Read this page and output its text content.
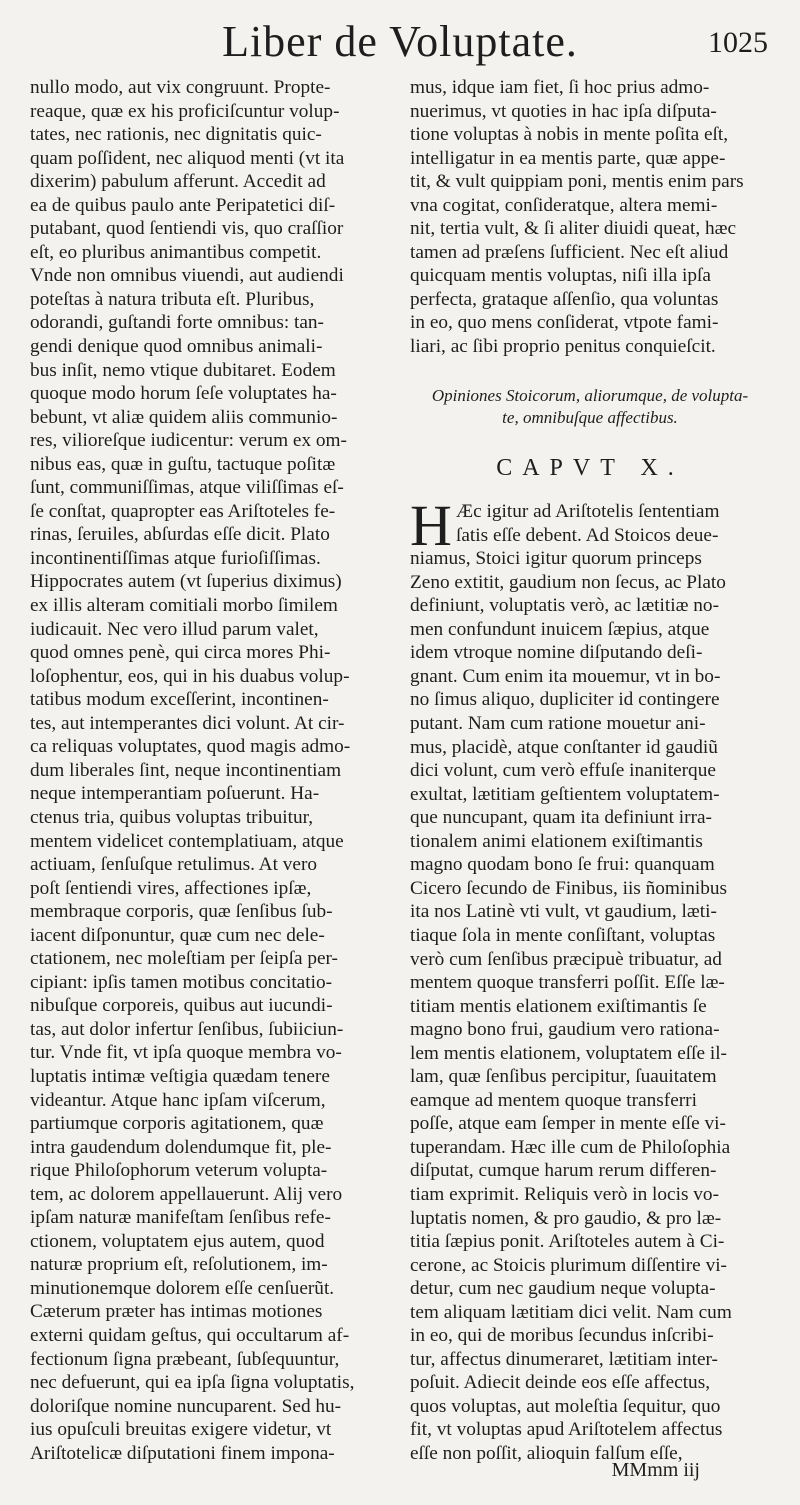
Liber de Voluptate.	1025
nullo modo, aut vix congruunt. Propte-
reaque, quæ ex his proficiſcuntur volup-
tates, nec rationis, nec dignitatis quic-
quam poſſident, nec aliquod menti (vt ita
dixerim) pabulum afferunt. Accedit ad
ea de quibus paulo ante Peripatetici diſ-
putabant, quod ſentiendi vis, quo craſſior
eſt, eo pluribus animantibus competit.
Vnde non omnibus viuendi, aut audiendi
poteſtas à natura tributa eſt. Pluribus,
odorandi, guſtandi forte omnibus: tan-
gendi denique quod omnibus animali-
bus inſit, nemo vtique dubitaret. Eodem
quoque modo horum ſeſe voluptates ha-
bebunt, vt aliæ quidem aliis communio-
res, vilioreſque iudicentur: verum ex om-
nibus eas, quæ in guſtu, tactuque poſitæ
ſunt, communiſſimas, atque viliſſimas eſ-
ſe conſtat, quapropter eas Ariſtoteles fe-
rinas, ſeruiles, abſurdas eſſe dicit. Plato
incontinentiſſimas atque furioſiſſimas.
Hippocrates autem (vt ſuperius diximus)
ex illis alteram comitiali morbo ſimilem
iudicauit. Nec vero illud parum valet,
quod omnes penè, qui circa mores Phi-
loſophentur, eos, qui in his duabus volup-
tatibus modum exceſſerint, incontinen-
tes, aut intemperantes dici volunt. At cir-
ca reliquas voluptates, quod magis admo-
dum liberales ſint, neque incontinentiam
neque intemperantiam poſuerunt. Ha-
ctenus tria, quibus voluptas tribuitur,
mentem videlicet contemplatiuam, atque
actiuam, ſenſuſque retulimus. At vero
poſt ſentiendi vires, affectiones ipſæ,
membraque corporis, quæ ſenſibus ſub-
iacent diſponuntur, quæ cum nec dele-
ctationem, nec moleſtiam per ſeipſa per-
cipiant: ipſis tamen motibus concitatio-
nibuſque corporeis, quibus aut iucundi-
tas, aut dolor infertur ſenſibus, ſubiiciun-
tur. Vnde fit, vt ipſa quoque membra vo-
luptatis intimæ veſtigia quædam tenere
videantur. Atque hanc ipſam viſcerum,
partiumque corporis agitationem, quæ
intra gaudendum dolendumque fit, ple-
rique Philoſophorum veterum volupta-
tem, ac dolorem appellauerunt. Alij vero
ipſam naturæ manifeſtam ſenſibus refe-
ctionem, voluptatem ejus autem, quod
naturæ proprium eſt, reſolutionem, im-
minutionemque dolorem eſſe cenſuerũt.
Cæterum præter has intimas motiones
externi quidam geſtus, qui occultarum af-
fectionum ſigna præbeant, ſubſequuntur,
nec defuerunt, qui ea ipſa ſigna voluptatis,
doloriſque nomine nuncuparent. Sed hu-
ius opuſculi breuitas exigere videtur, vt
Ariſtotelicæ diſputationi finem impona-
mus, idque iam fiet, ſi hoc prius admo-
nuerimus, vt quoties in hac ipſa diſputa-
tione voluptas à nobis in mente poſita eſt,
intelligatur in ea mentis parte, quæ appe-
tit, & vult quippiam poni, mentis enim pars
vna cogitat, conſideratque, altera memi-
nit, tertia vult, & ſi aliter diuidi queat, hæc
tamen ad præſens ſufficient. Nec eſt aliud
quicquam mentis voluptas, niſi illa ipſa
perfecta, grataque aſſenſio, qua voluntas
in eo, quo mens conſiderat, vtpote fami-
liari, ac ſibi proprio penitus conquieſcit.
Opiniones Stoicorum, aliorumque, de volupta-
te, omnibuſque affectibus.
CAPVT X.
H Æc igitur ad Ariſtotelis ſententiam
ſatis eſſe debent. Ad Stoicos deue-
niamus, Stoici igitur quorum princeps
Zeno extitit, gaudium non ſecus, ac Plato
definiunt, voluptatis verò, ac lætitiæ no-
men confundunt inuicem ſæpius, atque
idem vtroque nomine diſputando deſi-
gnant. Cum enim ita mouemur, vt in bo-
no ſimus aliquo, dupliciter id contingere
putant. Nam cum ratione mouetur ani-
mus, placidè, atque conſtanter id gaudiũ
dici volunt, cum verò effuſe inaniterque
exultat, lætitiam geſtientem voluptatem-
que nuncupant, quam ita definiunt irra-
tionalem animi elationem exiſtimantis
magno quodam bono ſe frui: quanquam
Cicero ſecundo de Finibus, iis ñominibus
ita nos Latinè vti vult, vt gaudium, læti-
tiaque ſola in mente conſiſtant, voluptas
verò cum ſenſibus præcipuè tribuatur, ad
mentem quoque transferri poſſit. Eſſe læ-
titiam mentis elationem exiſtimantis ſe
magno bono frui, gaudium vero rationa-
lem mentis elationem, voluptatem eſſe il-
lam, quæ ſenſibus percipitur, ſuauitatem
eamque ad mentem quoque transferri
poſſe, atque eam ſemper in mente eſſe vi-
tuperandam. Hæc ille cum de Philoſophia
diſputat, cumque harum rerum differen-
tiam exprimit. Reliquis verò in locis vo-
luptatis nomen, & pro gaudio, & pro læ-
titia ſæpius ponit. Ariſtoteles autem à Ci-
cerone, ac Stoicis plurimum diſſentire vi-
detur, cum nec gaudium neque volupta-
tem aliquam lætitiam dici velit. Nam cum
in eo, qui de moribus ſecundus inſcribi-
tur, affectus dinumeraret, lætitiam inter-
poſuit. Adiecit deinde eos eſſe affectus,
quos voluptas, aut moleſtia ſequitur, quo
fit, vt voluptas apud Ariſtotelem affectus
eſſe non poſſit, alioquin falſum eſſe,
MMmm iij
